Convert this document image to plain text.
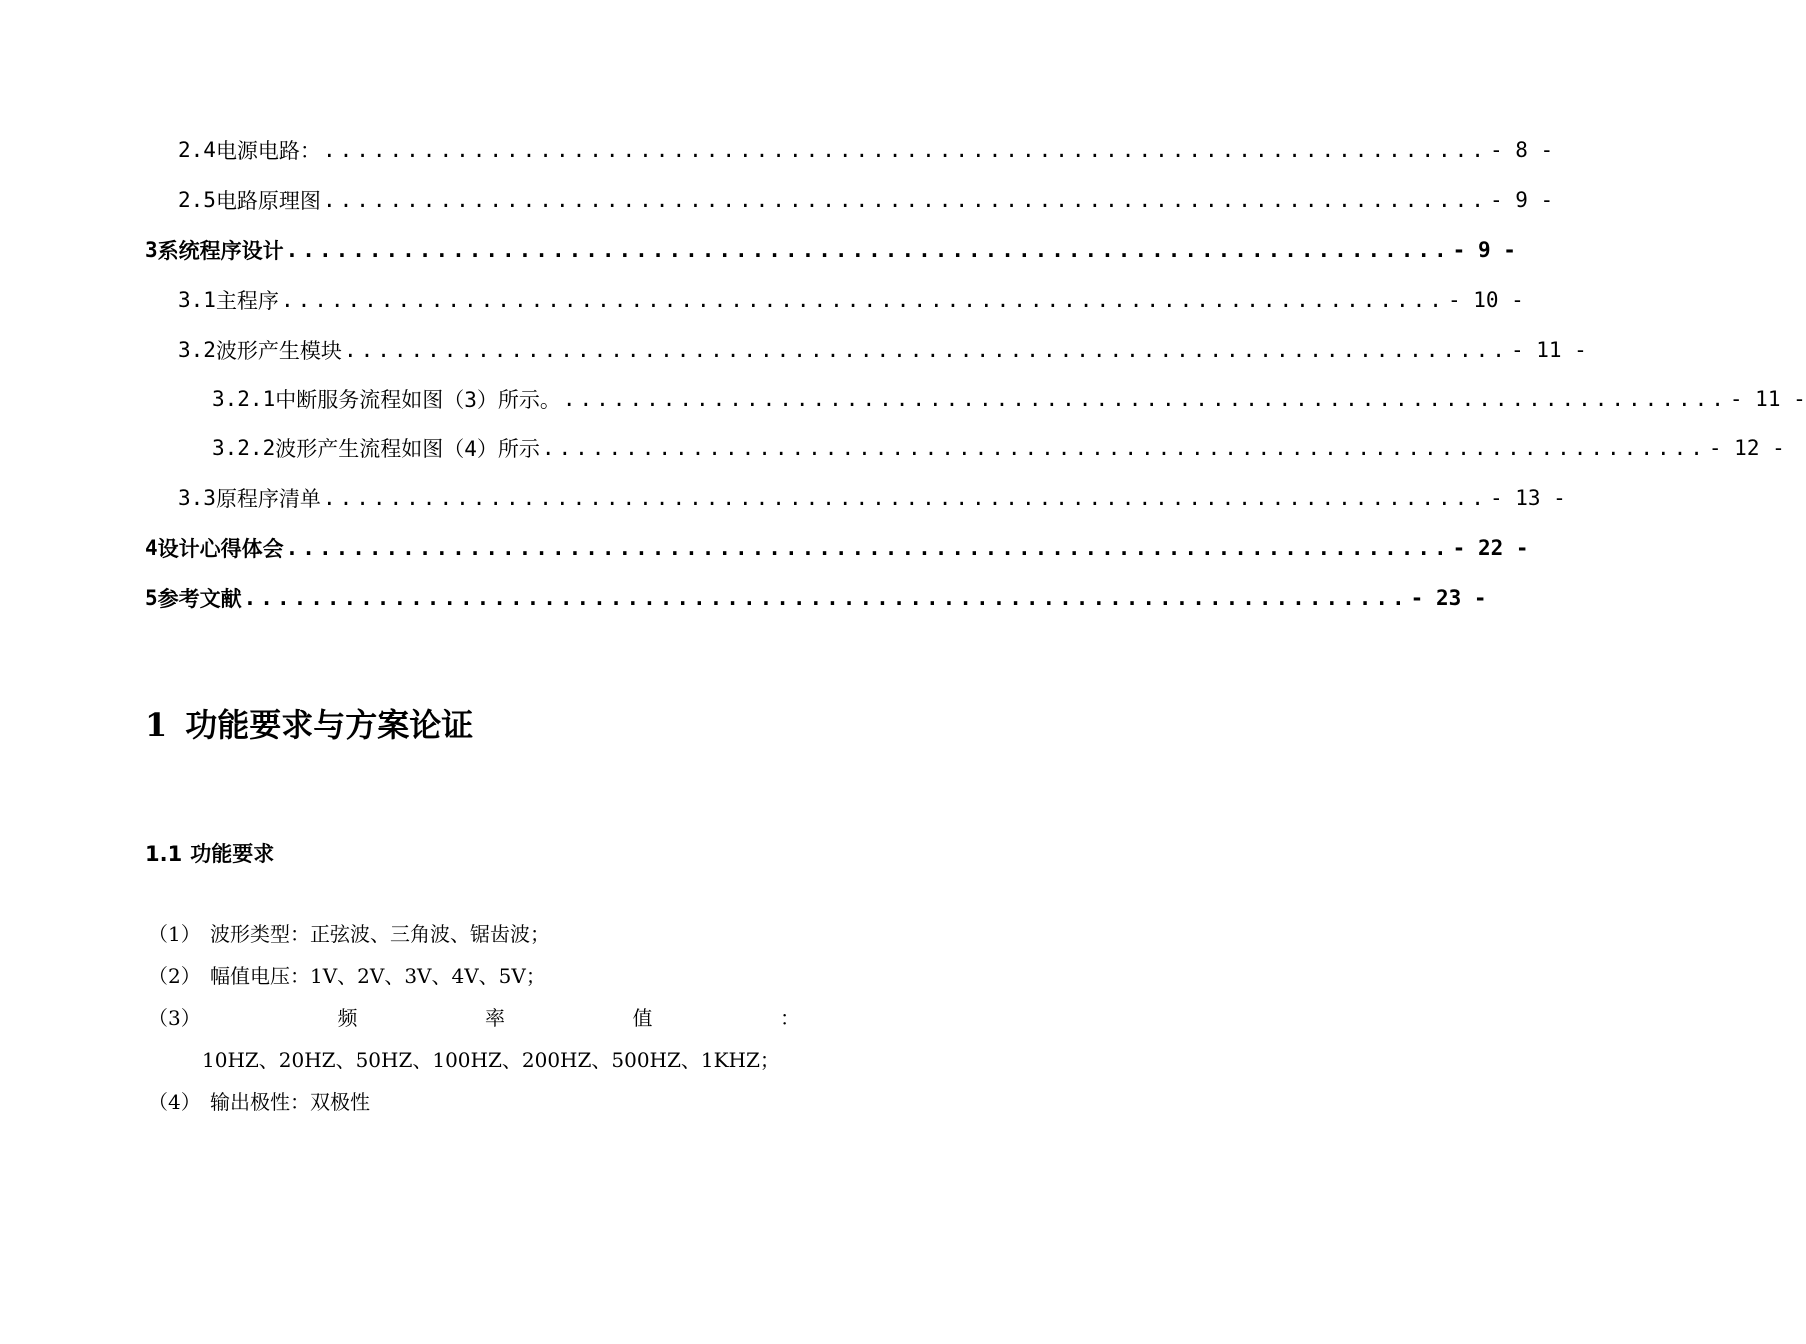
2.4 电源电路： ...................................................................... - 8 -
2.5 电路原理图 ...................................................................... - 9 -
3 系统程序设计 ...................................................................... - 9 -
3.1 主程序 ...................................................................... - 10 -
3.2 波形产生模块 ...................................................................... - 11 -
3.2.1 中断服务流程如图（3）所示。 ...................................................................... - 11 -
3.2.2 波形产生流程如图（4）所示 ...................................................................... - 12 -
3.3 原程序清单 ...................................................................... - 13 -
4 设计心得体会 ...................................................................... - 22 -
5 参考文献 ...................................................................... - 23 -
1 功能要求与方案论证
1.1 功能要求
（1） 波形类型：正弦波、三角波、锯齿波；
（2） 幅值电压：1V、2V、3V、4V、5V；
（3）	频	率	值	：
10HZ、20HZ、50HZ、100HZ、200HZ、500HZ、1KHZ；
（4） 输出极性：双极性
